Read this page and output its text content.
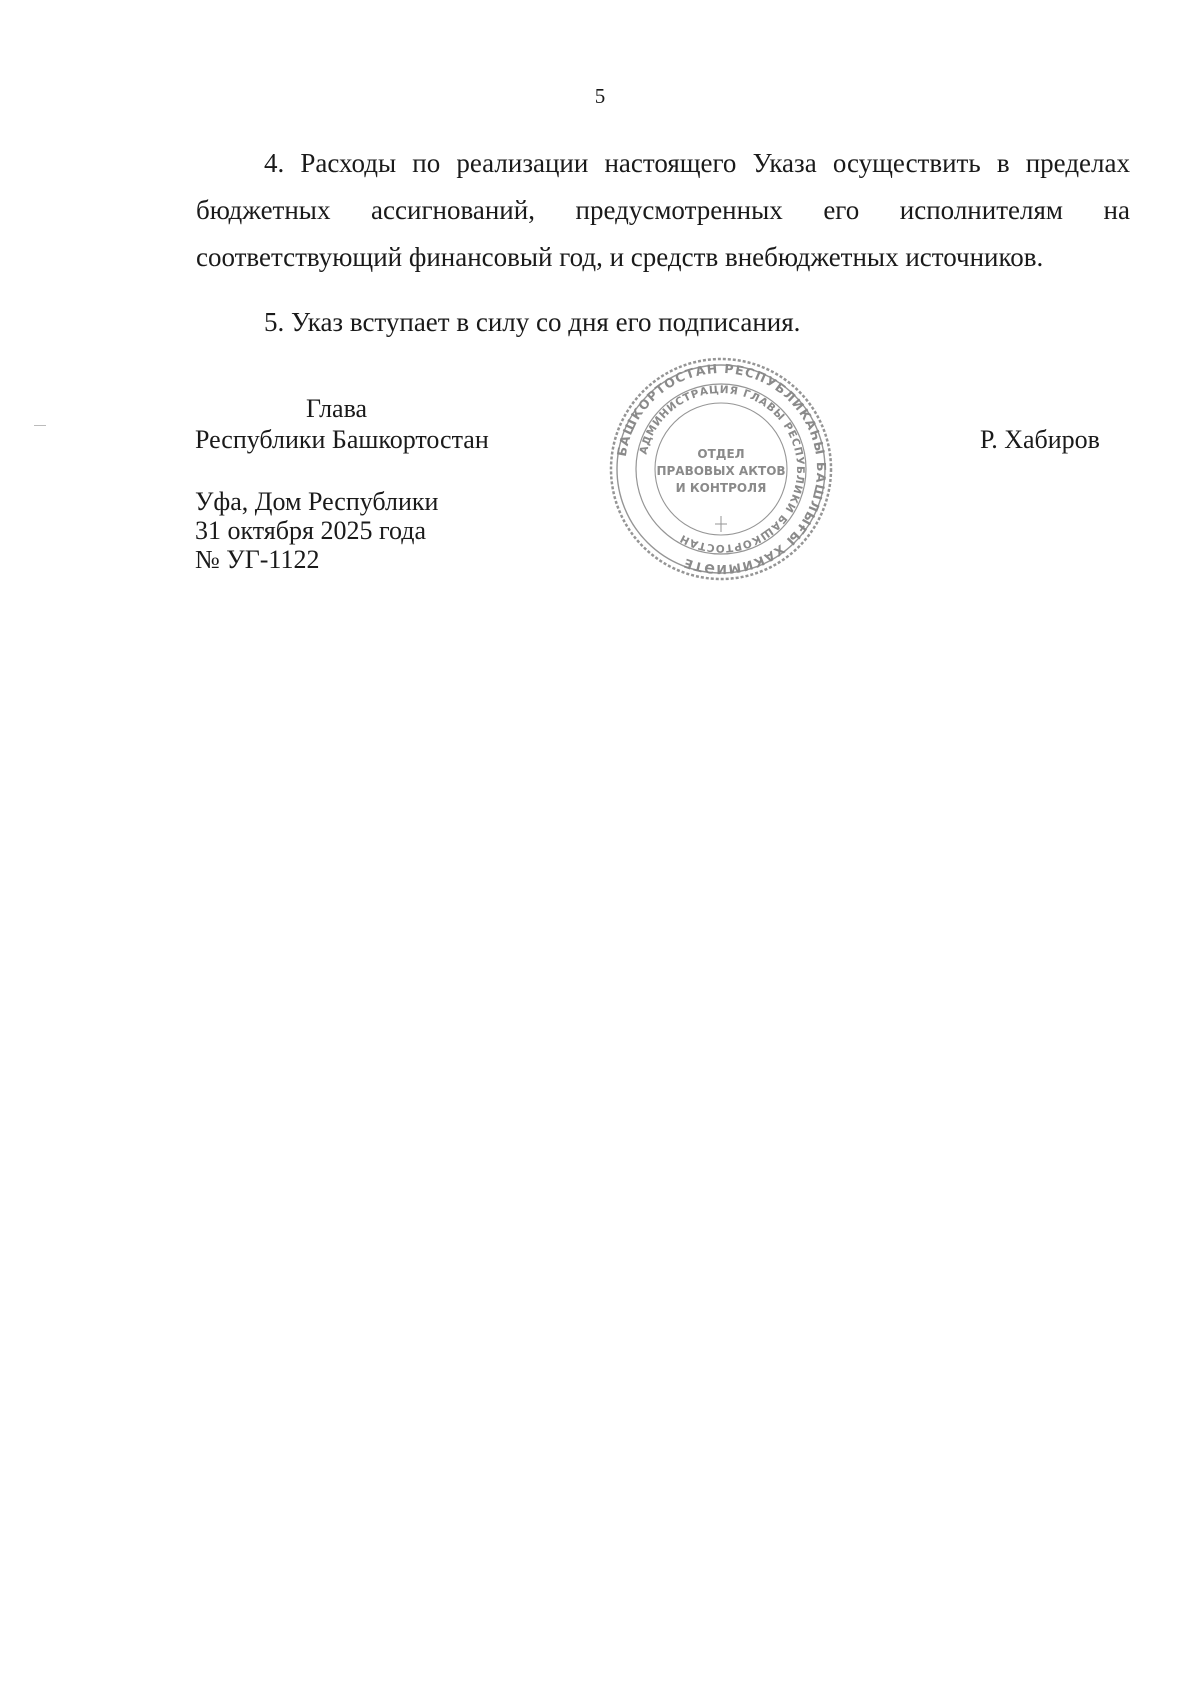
5

4. Расходы по реализации настоящего Указа осуществить в пределах бюджетных ассигнований, предусмотренных его исполнителям на соответствующий финансовый год, и средств внебюджетных источников.

5. Указ вступает в силу со дня его подписания.

Глава
Республики Башкортостан
Уфа, Дом Республики
31 октября 2025 года
№ УГ-1122
Р. Хабиров
БАШКОРТОСТАН РЕСПУБЛИКАҺЫ БАШЛЫҒЫ ХАКИМИӘТЕ
АДМИНИСТРАЦИЯ ГЛАВЫ РЕСПУБЛИКИ БАШКОРТОСТАН
ОТДЕЛ
ПРАВОВЫХ АКТОВ
И КОНТРОЛЯ
